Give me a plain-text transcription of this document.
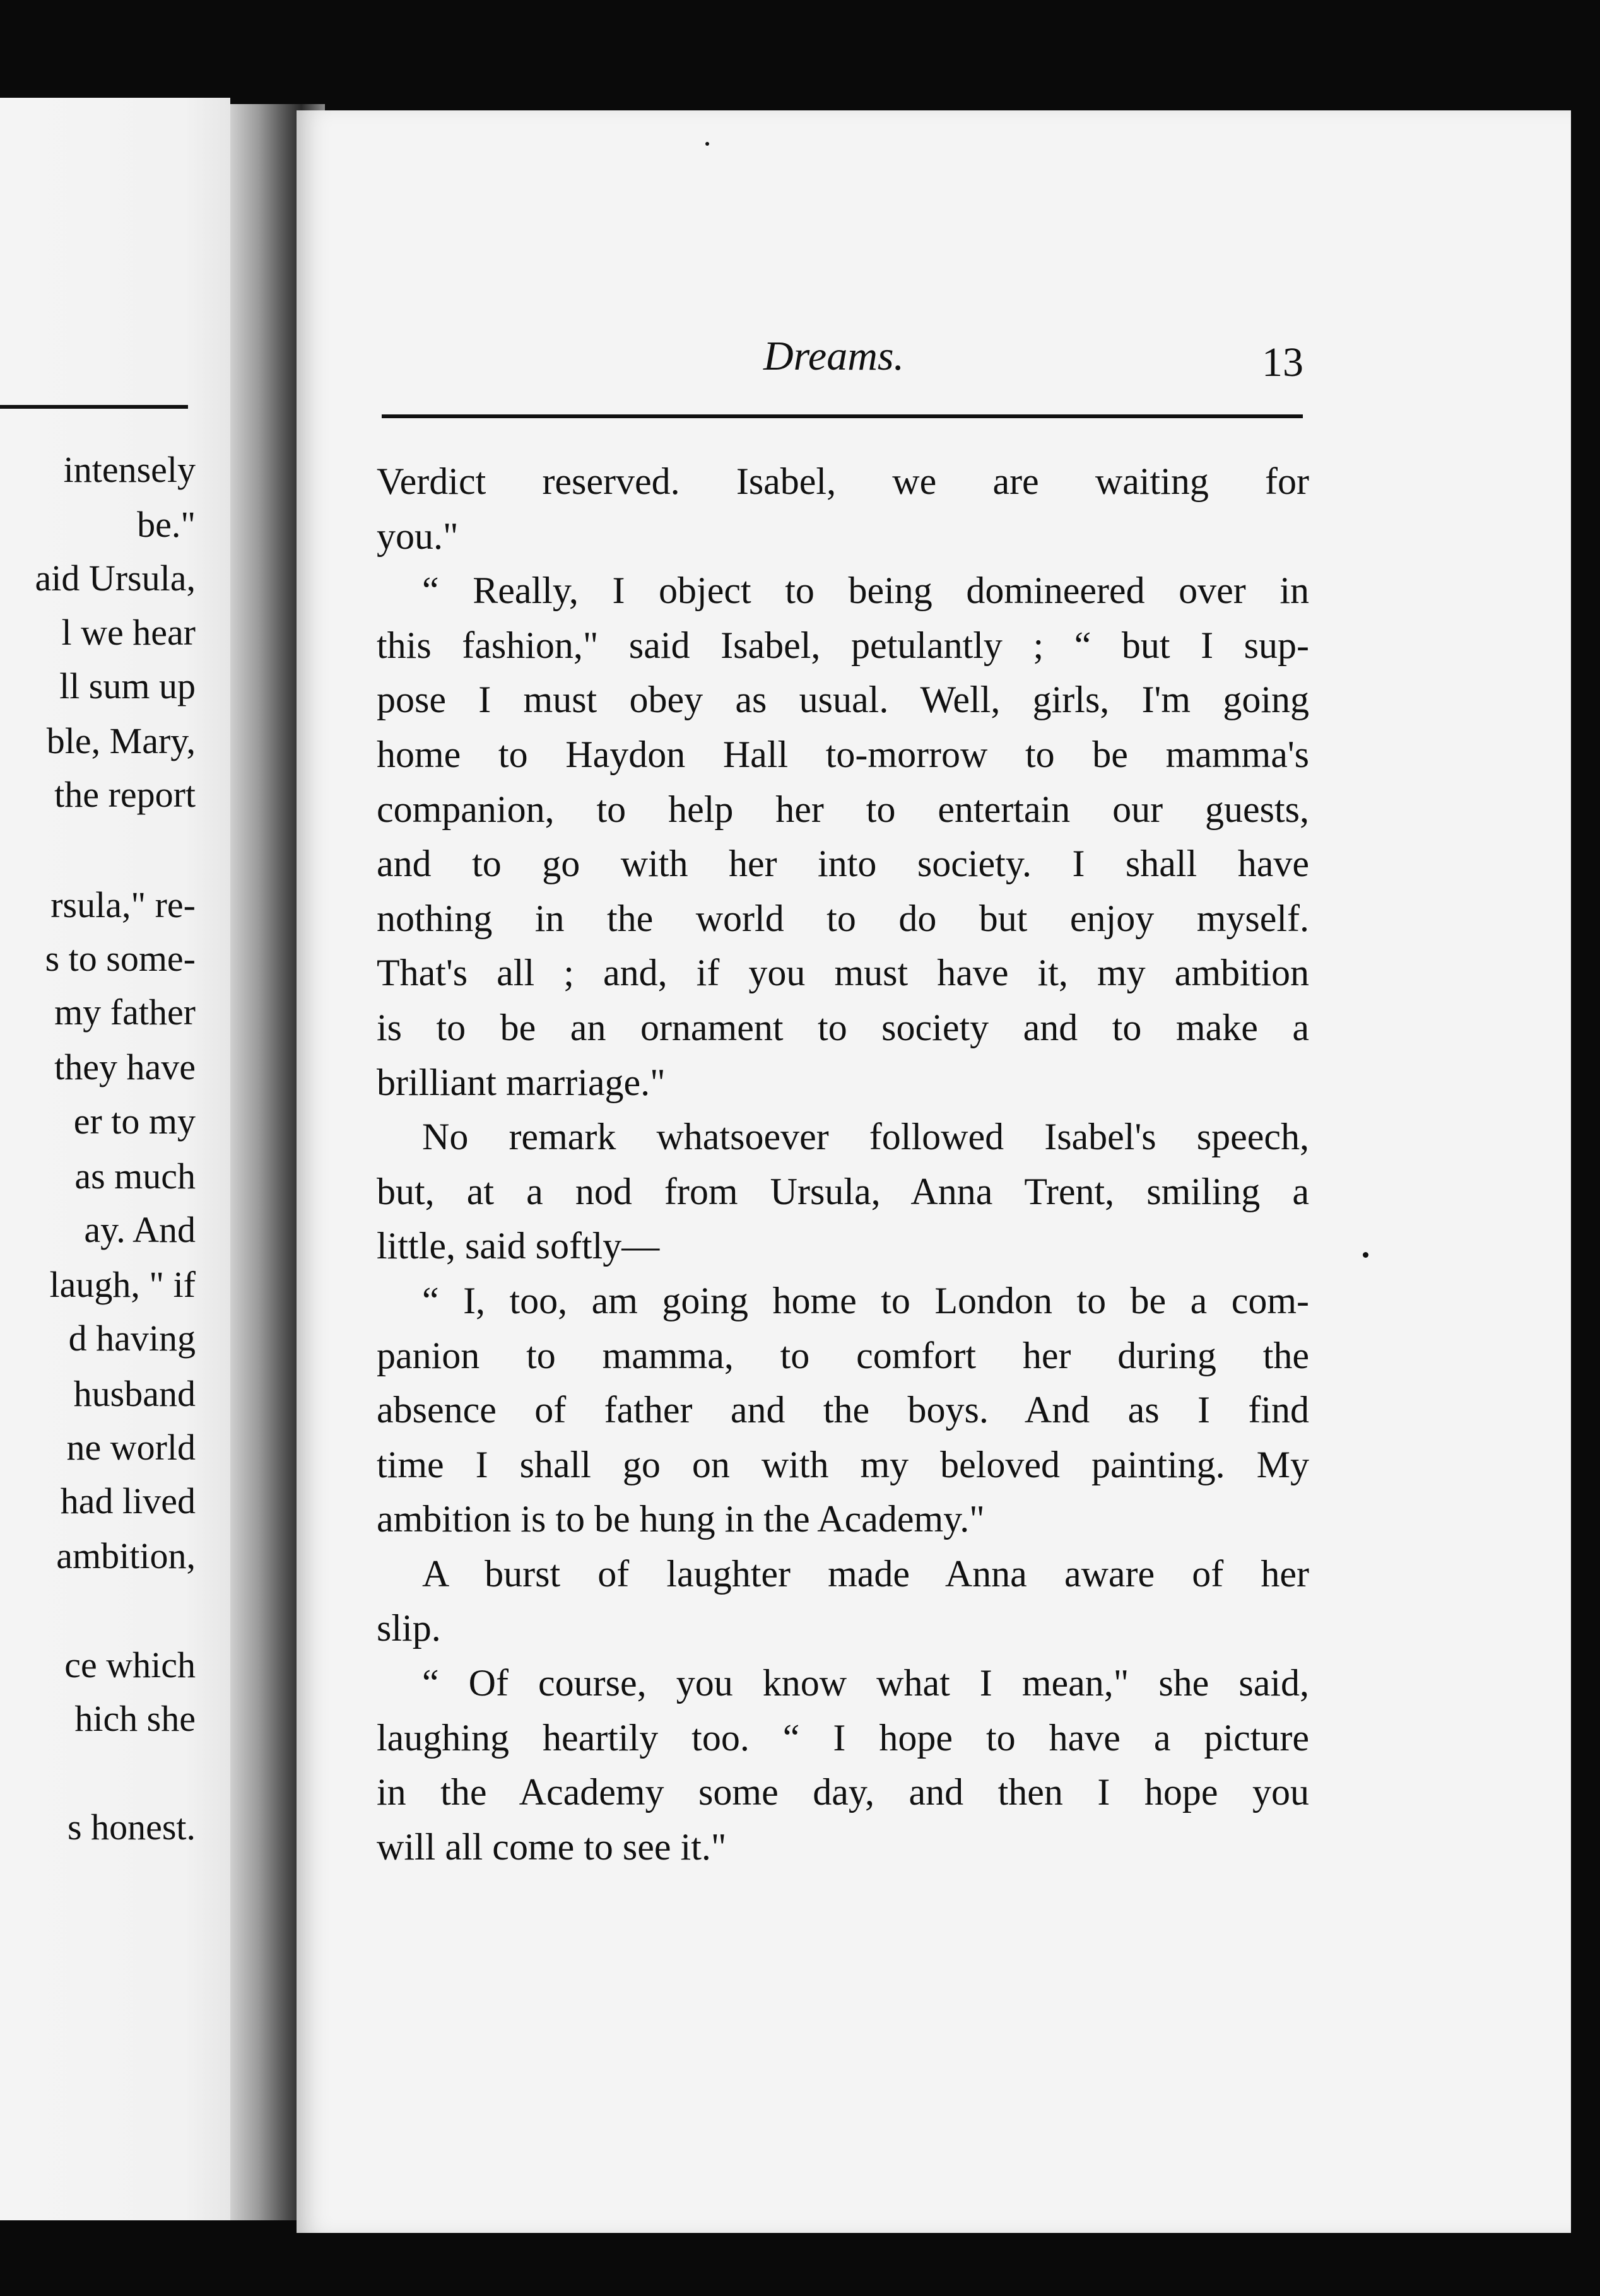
intensely
be."
aid Ursula,
l we hear
ll sum up
ble, Mary,
the report
rsula," re-
s to some-
my father
they have
er to my
as much
ay. And
laugh, " if
d having
husband
ne world
had lived
ambition,
ce which
hich she
s honest.
Dreams.	13
Verdict reserved. Isabel, we are waiting for
you."
“ Really, I object to being domineered over in
this fashion," said Isabel, petulantly ; “ but I sup-
pose I must obey as usual. Well, girls, I'm going
home to Haydon Hall to-morrow to be mamma's
companion, to help her to entertain our guests,
and to go with her into society. I shall have
nothing in the world to do but enjoy myself.
That's all ; and, if you must have it, my ambition
is to be an ornament to society and to make a
brilliant marriage."
No remark whatsoever followed Isabel's speech,
but, at a nod from Ursula, Anna Trent, smiling a
little, said softly—
“ I, too, am going home to London to be a com-
panion to mamma, to comfort her during the
absence of father and the boys. And as I find
time I shall go on with my beloved painting. My
ambition is to be hung in the Academy."
A burst of laughter made Anna aware of her
slip.
“ Of course, you know what I mean," she said,
laughing heartily too. “ I hope to have a picture
in the Academy some day, and then I hope you
will all come to see it."
